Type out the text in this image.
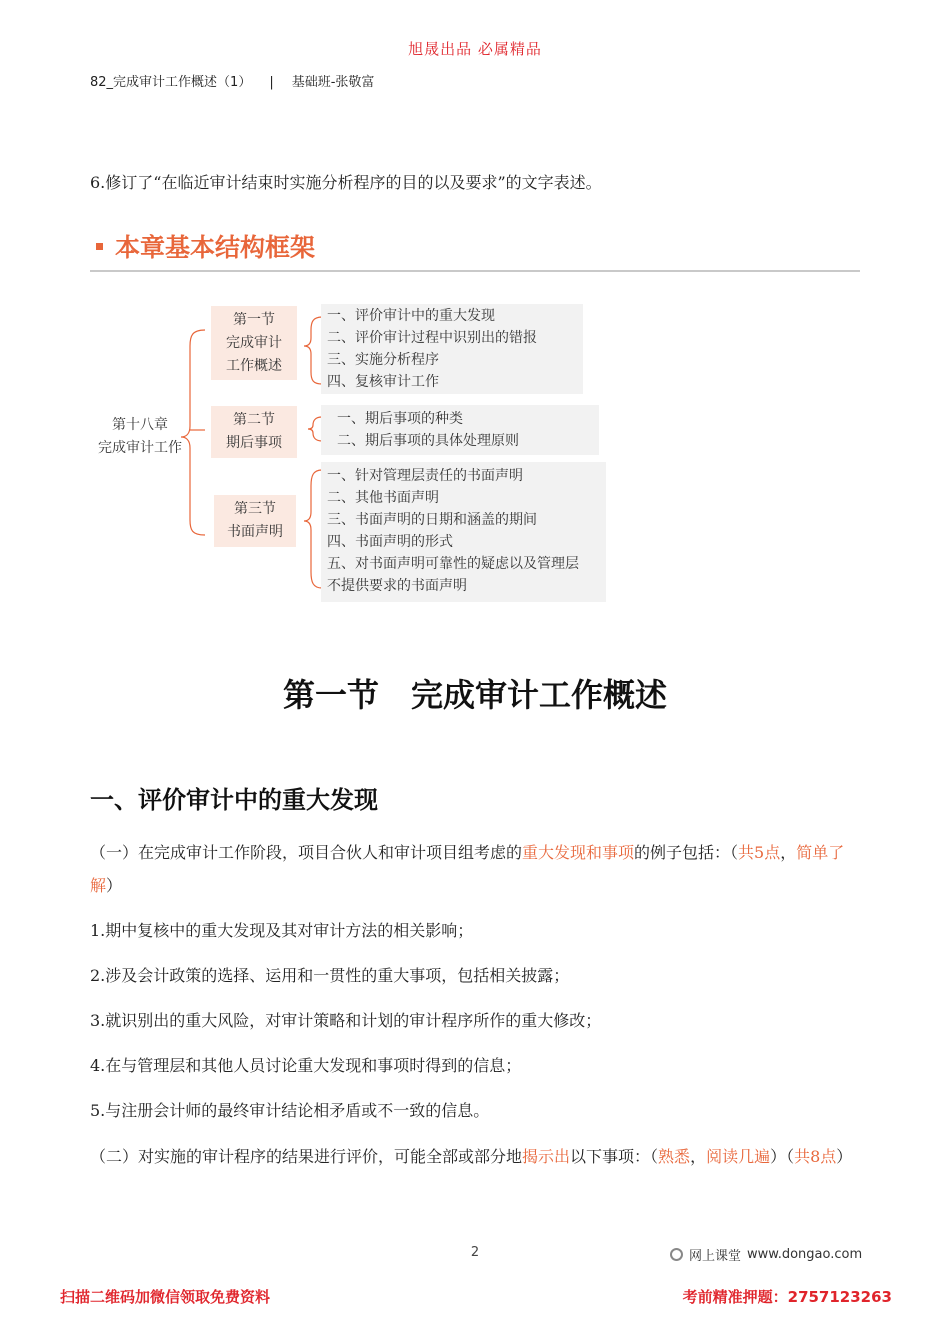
旭晟出品 必属精品
82_完成审计工作概述（1） | 基础班-张敬富
6.修订了“在临近审计结束时实施分析程序的目的以及要求”的文字表述。
本章基本结构框架
第十八章
完成审计工作
第一节
完成审计
工作概述
一、评价审计中的重大发现
二、评价审计过程中识别出的错报
三、实施分析程序
四、复核审计工作
第二节
期后事项
一、期后事项的种类
二、期后事项的具体处理原则
第三节
书面声明
一、针对管理层责任的书面声明
二、其他书面声明
三、书面声明的日期和涵盖的期间
四、书面声明的形式
五、对书面声明可靠性的疑虑以及管理层
不提供要求的书面声明
第一节　完成审计工作概述
一、评价审计中的重大发现
（一）在完成审计工作阶段，项目合伙人和审计项目组考虑的重大发现和事项的例子包括：（共5点，简单了解）
1.期中复核中的重大发现及其对审计方法的相关影响；
2.涉及会计政策的选择、运用和一贯性的重大事项，包括相关披露；
3.就识别出的重大风险，对审计策略和计划的审计程序所作的重大修改；
4.在与管理层和其他人员讨论重大发现和事项时得到的信息；
5.与注册会计师的最终审计结论相矛盾或不一致的信息。
（二）对实施的审计程序的结果进行评价，可能全部或部分地揭示出以下事项：（熟悉，阅读几遍）（共8点）
2	网上课堂 www.dongao.com
扫描二维码加微信领取免费资料	考前精准押题：2757123263
